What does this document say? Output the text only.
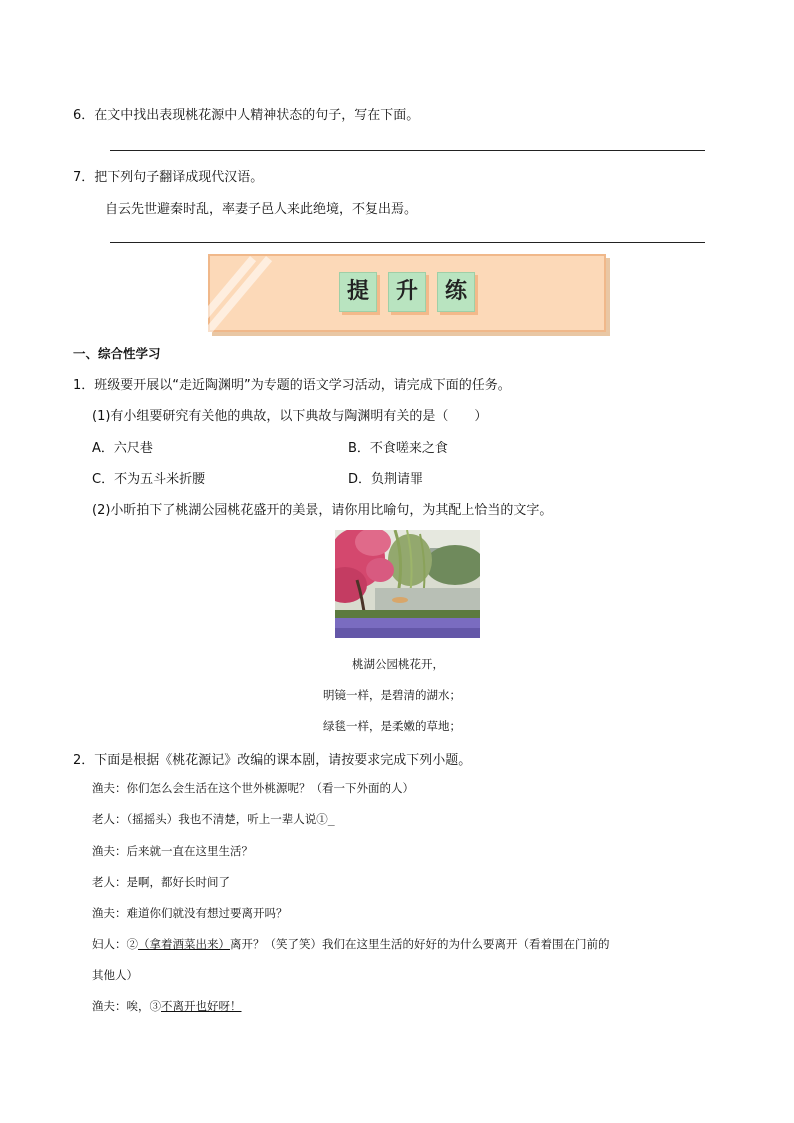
6．在文中找出表现桃花源中人精神状态的句子，写在下面。
7．把下列句子翻译成现代汉语。
自云先世避秦时乱，率妻子邑人来此绝境，不复出焉。
提	升	练
一、综合性学习
1．班级要开展以“走近陶渊明”为专题的语文学习活动，请完成下面的任务。
(1)有小组要研究有关他的典故，以下典故与陶渊明有关的是（　　）
A．六尺巷	B．不食嗟来之食
C．不为五斗米折腰	D．负荆请罪
(2)小昕拍下了桃湖公园桃花盛开的美景，请你用比喻句，为其配上恰当的文字。
桃湖公园桃花开，
明镜一样，是碧清的湖水；
绿毯一样，是柔嫩的草地；
2．下面是根据《桃花源记》改编的课本剧，请按要求完成下列小题。
渔夫：你们怎么会生活在这个世外桃源呢？（看一下外面的人）
老人：（摇摇头）我也不清楚，听上一辈人说①_
渔夫：后来就一直在这里生活？
老人：是啊，都好长时间了
渔夫：难道你们就没有想过要离开吗？
妇人：②（拿着酒菜出来）离开？（笑了笑）我们在这里生活的好好的为什么要离开（看着围在门前的
其他人）
渔夫：唉，③不离开也好呀！
